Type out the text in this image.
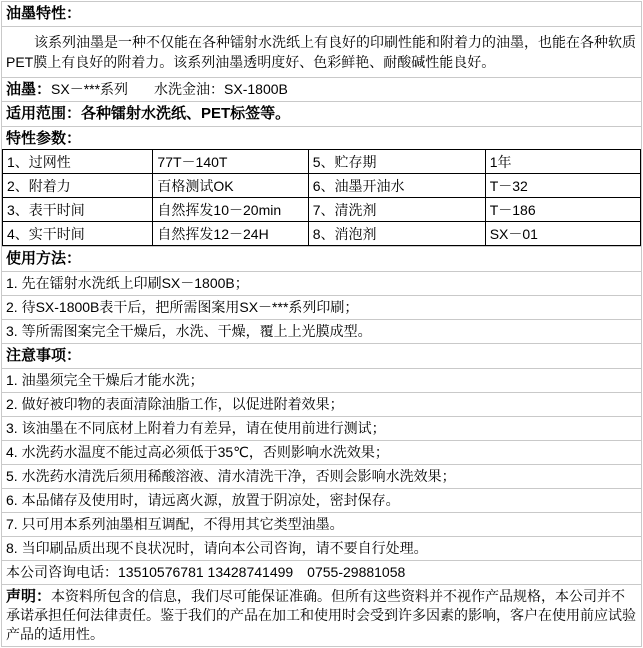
油墨特性：
该系列油墨是一种不仅能在各种镭射水洗纸上有良好的印刷性能和附着力的油墨，也能在各种软质PET膜上有良好的附着力。该系列油墨透明度好、色彩鲜艳、耐酸碱性能良好。
油墨：SX－***系列 水洗金油：SX-1800B
适用范围：各种镭射水洗纸、PET标签等。
特性参数：
1、过网性	77T－140T	5、贮存期	1年
2、附着力	百格测试OK	6、油墨开油水	T－32
3、表干时间	自然挥发10－20min	7、清洗剂	T－186
4、实干时间	自然挥发12－24H	8、消泡剂	SX－01
使用方法：
1. 先在镭射水洗纸上印刷SX－1800B；
2. 待SX-1800B表干后，把所需图案用SX－***系列印刷；
3. 等所需图案完全干燥后，水洗、干燥，覆上上光膜成型。
注意事项：
1. 油墨须完全干燥后才能水洗；
2. 做好被印物的表面清除油脂工作，以促进附着效果；
3. 该油墨在不同底材上附着力有差异，请在使用前进行测试；
4. 水洗药水温度不能过高必须低于35℃，否则影响水洗效果；
5. 水洗药水清洗后须用稀酸溶液、清水清洗干净，否则会影响水洗效果；
6. 本品储存及使用时，请远离火源，放置于阴凉处，密封保存。
7. 只可用本系列油墨相互调配，不得用其它类型油墨。
8. 当印刷品质出现不良状况时，请向本公司咨询，请不要自行处理。
本公司咨询电话：13510576781 13428741499　0755-29881058
声明：本资料所包含的信息，我们尽可能保证准确。但所有这些资料并不视作产品规格，本公司并不承诺承担任何法律责任。鉴于我们的产品在加工和使用时会受到许多因素的影响，客户在使用前应试验产品的适用性。
